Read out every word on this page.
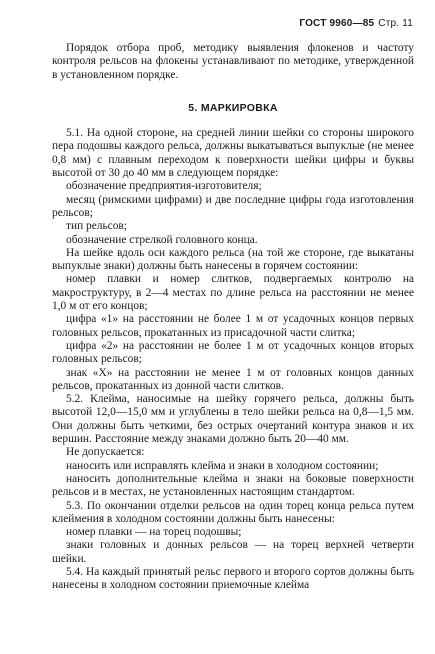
ГОСТ 9960—85 Стр. 11

Порядок отбора проб, методику выявления флокенов и частоту контроля рельсов на флокены устанавливают по методике, утвержденной в установленном порядке.

5. МАРКИРОВКА

5.1. На одной стороне, на средней линии шейки со стороны широкого пера подошвы каждого рельса, должны выкатываться выпуклые (не менее 0,8 мм) с плавным переходом к поверхности шейки цифры и буквы высотой от 30 до 40 мм в следующем порядке:

обозначение предприятия-изготовителя;

месяц (римскими цифрами) и две последние цифры года изготовления рельсов;

тип рельсов;

обозначение стрелкой головного конца.

На шейке вдоль оси каждого рельса (на той же стороне, где выкатаны выпуклые знаки) должны быть нанесены в горячем состоянии:

номер плавки и номер слитков, подвергаемых контролю на макроструктуру, в 2—4 местах по длине рельса на расстоянии не менее 1,0 м от его концов;

цифра «1» на расстоянии не более 1 м от усадочных концов первых головных рельсов, прокатанных из присадочной части слитка;

цифра «2» на расстоянии не более 1 м от усадочных концов вторых головных рельсов;

знак «Х» на расстоянии не менее 1 м от головных концов данных рельсов, прокатанных из донной части слитков.

5.2. Клейма, наносимые на шейку горячего рельса, должны быть высотой 12,0—15,0 мм и углублены в тело шейки рельса на 0,8—1,5 мм. Они должны быть четкими, без острых очертаний контура знаков и их вершин. Расстояние между знаками должно быть 20—40 мм.

Не допускается:

наносить или исправлять клейма и знаки в холодном состоянии;

наносить дополнительные клейма и знаки на боковые поверхности рельсов и в местах, не установленных настоящим стандартом.

5.3. По окончании отделки рельсов на один торец конца рельса путем клеймения в холодном состоянии должны быть нанесены:

номер плавки — на торец подошвы;

знаки головных и донных рельсов — на торец верхней четверти шейки.

5.4. На каждый принятый рельс первого и второго сортов должны быть нанесены в холодном состоянии приемочные клейма
